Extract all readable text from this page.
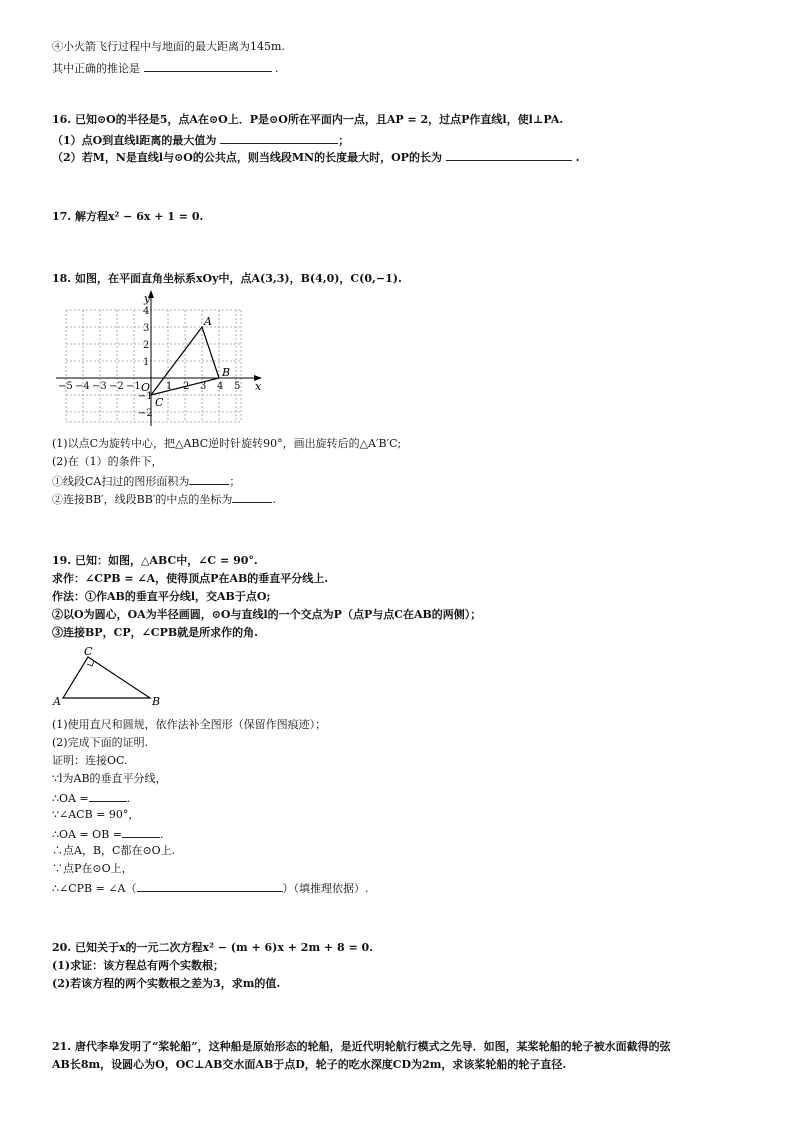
④小火箭飞行过程中与地面的最大距离为145m.
其中正确的推论是	.
16. 已知⊙O的半径是5，点A在⊙O上．P是⊙O所在平面内一点，且AP = 2，过点P作直线l，使l⊥PA.
（1）点O到直线l距离的最大值为	；
（2）若M，N是直线l与⊙O的公共点，则当线段MN的长度最大时，OP的长为	.
17. 解方程x² − 6x + 1 = 0.
18. 如图，在平面直角坐标系xOy中，点A(3,3)，B(4,0)，C(0,−1).
x
y
O
−5 −4 −3 −2 −1	1 2 3 4 5
4
3
2
1
−1
−2
A
B
C
(1)以点C为旋转中心，把△ABC逆时针旋转90°，画出旋转后的△A′B′C;
(2)在（1）的条件下，
①线段CA扫过的图形面积为	；
②连接BB′，线段BB′的中点的坐标为	.
19. 已知：如图，△ABC中，∠C = 90°.
求作：∠CPB = ∠A，使得顶点P在AB的垂直平分线上.
作法：①作AB的垂直平分线l，交AB于点O;
②以O为圆心，OA为半径画圆，⊙O与直线l的一个交点为P（点P与点C在AB的两侧）；
③连接BP，CP，∠CPB就是所求作的角.
C
A	B
(1)使用直尺和圆规，依作法补全图形（保留作图痕迹）；
(2)完成下面的证明.
证明：连接OC.
∵l为AB的垂直平分线，
∴OA =	.
∵∠ACB = 90°，
∴OA = OB =	.
∴点A，B，C都在⊙O上.
∵点P在⊙O上，
∴∠CPB = ∠A（	）（填推理依据）.
20. 已知关于x的一元二次方程x² − (m + 6)x + 2m + 8 = 0.
(1)求证：该方程总有两个实数根；
(2)若该方程的两个实数根之差为3，求m的值.
21. 唐代李皋发明了“桨轮船”，这种船是原始形态的轮船，是近代明轮航行模式之先导．如图，某桨轮船的轮子被水面截得的弦
AB长8m，设圆心为O，OC⊥AB交水面AB于点D，轮子的吃水深度CD为2m，求该桨轮船的轮子直径.
